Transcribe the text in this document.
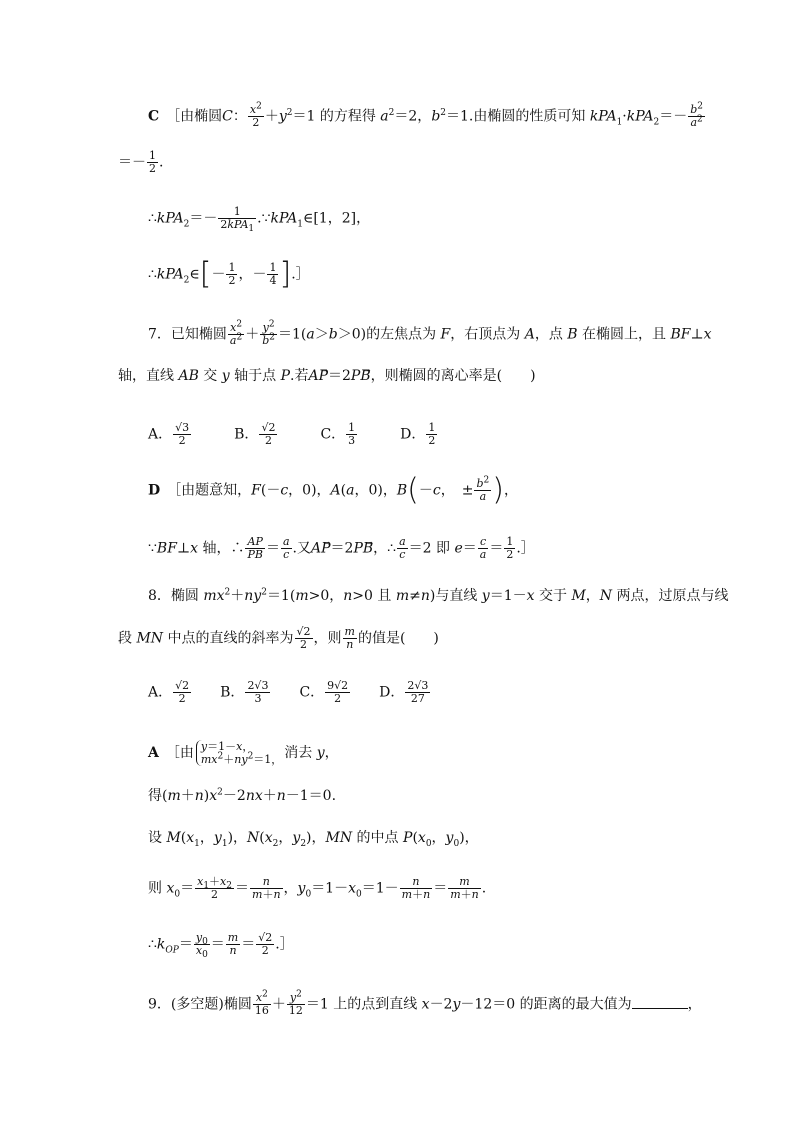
C　［由椭圆C： $\frac{x^2}{2} +y^2=1$ 的方程得 $a^2=2$，$b^2=1$.由椭圆的性质可知 $kPA_1\cdot kPA_2=- \frac{b^2}{a^2}$
＝－ $\frac{1}{2}$ .
∴kPA$_2$＝－ $\frac{1}{2kPA_1}$ .∵kPA$_1$∈[1，2]，
∴kPA$_2$∈[－ $\frac{1}{2}$ ，－ $\frac{1}{4}$ ].］
7．已知椭圆 $\frac{x^2}{a^2} + \frac{y^2}{b^2} =1(a>b>0)$的左焦点为 F，右顶点为 A，点 B 在椭圆上，且 BF⊥x
轴，直线 AB 交 y 轴于点 P.若AP⃗＝2PB⃗，则椭圆的离心率是(　　)
A． $\frac{√3}{2}$ 　　　B． $\frac{√2}{2}$ 　　　C． $\frac{1}{3}$ 　　　D． $\frac{1}{2}$
D　［由题意知，F(－c，0)，A(a，0)，B(－c，　± $\frac{b^2}{a}$ )，
∵BF⊥x 轴，∴ $\frac{AP}{PB} = \frac{a}{c}$ .又AP⃗＝2PB⃗，∴ $\frac{a}{c} =2$ 即 $e= \frac{c}{a} = \frac{1}{2}$ .］
8．椭圆 $mx^2+ny^2=1(m>0$，n>0 且 m≠n)与直线 y＝1－x 交于 M，N 两点，过原点与线
段 MN 中点的直线的斜率为 $\frac{√2}{2}$ ，则 $\frac{m}{n}$ 的值是(　　)
A． $\frac{√2}{2}$ 　　B． $\frac{2√3}{3}$ 　　C． $\frac{9√2}{2}$ 　　D． $\frac{2√3}{27}$
A　［由 y＝1－x，
$mx^2+ny^2=1$， 消去 y，
得$(m+n)x^2-2nx+n-1=0$.
设 $M(x_1$，$y_1$)，$N(x_2$，$y_2$)，MN 的中点 $P(x_0$，$y_0$)，
则 $x_0= \frac{x_1+x_2}{2} = \frac{n}{m+n}$ ，$y_0=1-x_0=1- \frac{n}{m+n} = \frac{m}{m+n}$ .
$\therefore k_{OP}= \frac{y_0}{x_0} = \frac{m}{n} = \frac{√2}{2}$ .］
9．(多空题)椭圆 $\frac{x^2}{16} + \frac{y^2}{12} =1$ 上的点到直线 x－2y－12＝0 的距离的最大值为	，
